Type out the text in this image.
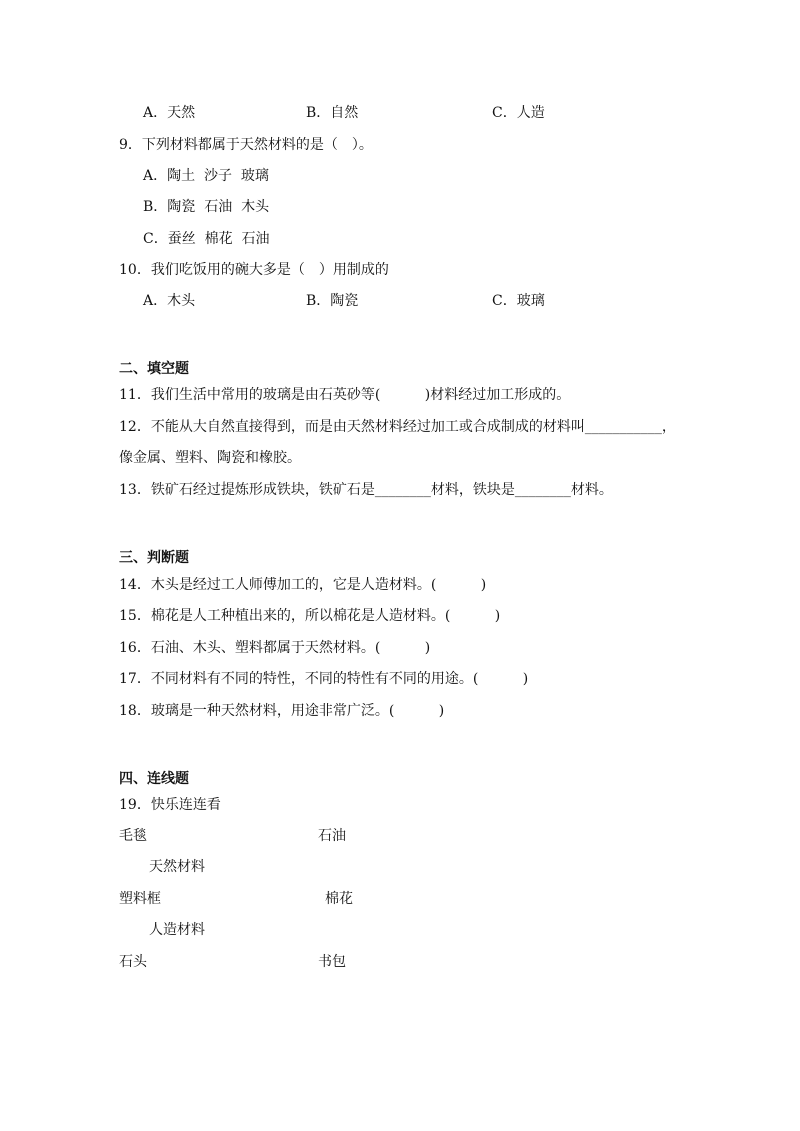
A．天然	B．自然	C．人造
9．下列材料都属于天然材料的是（　）。
A．陶土  沙子  玻璃
B．陶瓷  石油  木头
C．蚕丝  棉花  石油
10．我们吃饭用的碗大多是（　）用制成的
A．木头	B．陶瓷	C．玻璃
二、填空题
11．我们生活中常用的玻璃是由石英砂等(          )材料经过加工形成的。
12．不能从大自然直接得到，而是由天然材料经过加工或合成制成的材料叫___________，
像金属、塑料、陶瓷和橡胶。
13．铁矿石经过提炼形成铁块，铁矿石是________材料，铁块是________材料。
三、判断题
14．木头是经过工人师傅加工的，它是人造材料。(          )
15．棉花是人工种植出来的，所以棉花是人造材料。(          )
16．石油、木头、塑料都属于天然材料。(          )
17．不同材料有不同的特性，不同的特性有不同的用途。(          )
18．玻璃是一种天然材料，用途非常广泛。(          )
四、连线题
19．快乐连连看
毛毯	石油
天然材料
塑料框	棉花
人造材料
石头	书包
